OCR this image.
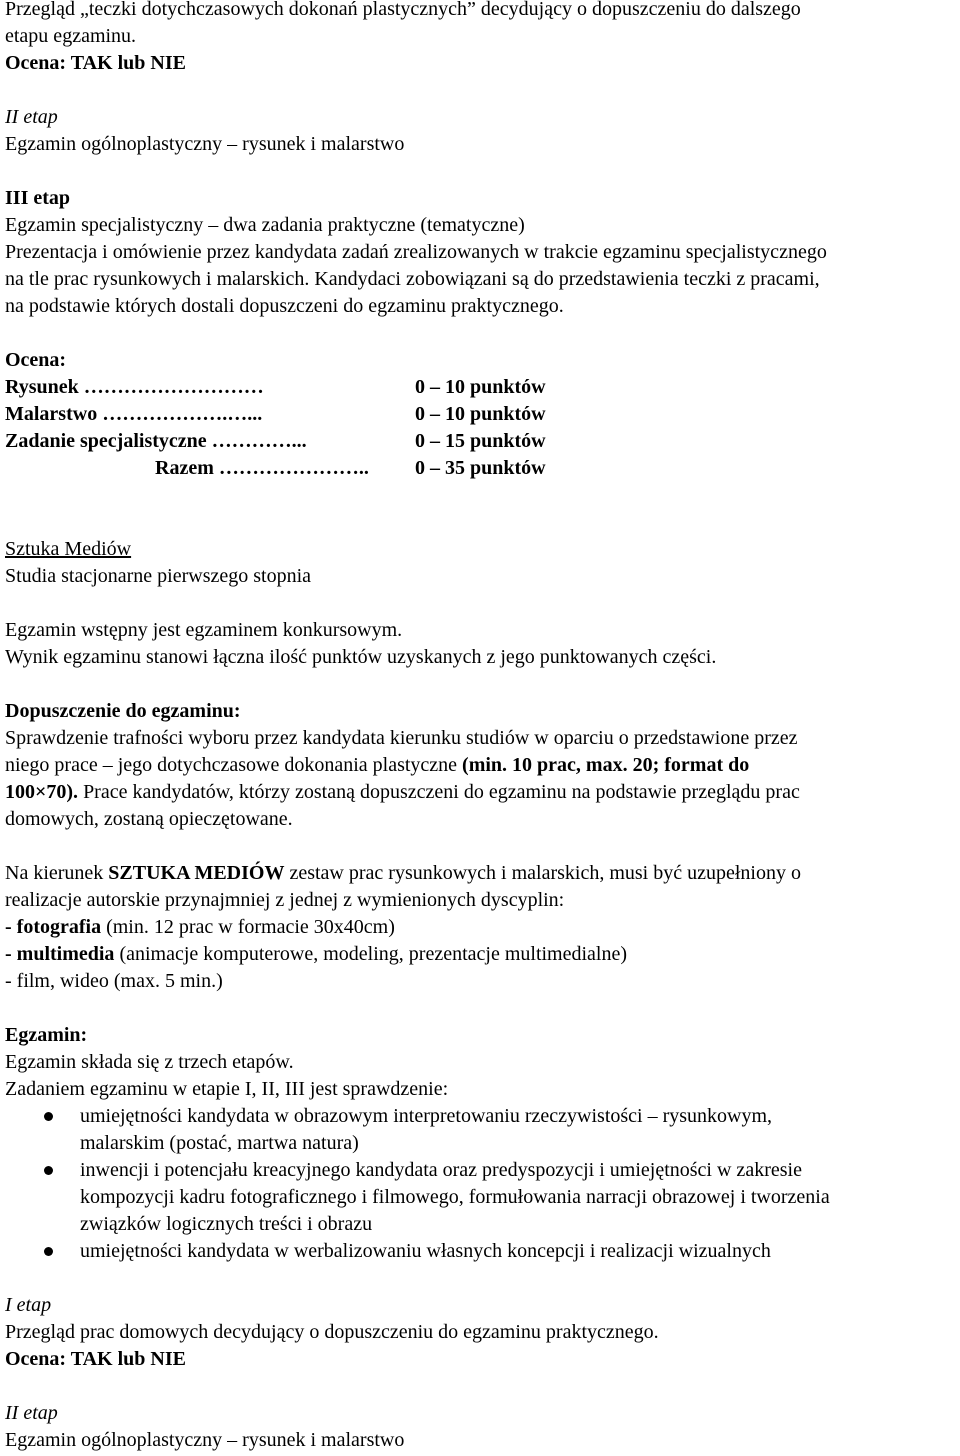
Przegląd „teczki dotychczasowych dokonań plastycznych” decydujący o dopuszczeniu do dalszego

etapu egzaminu.

Ocena: TAK lub NIE

II etap

Egzamin ogólnoplastyczny – rysunek i malarstwo

III etap

Egzamin specjalistyczny – dwa zadania praktyczne (tematyczne)

Prezentacja i omówienie przez kandydata zadań zrealizowanych w trakcie egzaminu specjalistycznego

na tle prac rysunkowych i malarskich. Kandydaci zobowiązani są do przedstawienia teczki z pracami,

na podstawie których dostali dopuszczeni do egzaminu praktycznego.

Ocena:

Rysunek ………………………	0 – 10 punktów
Malarstwo ……………….…...	0 – 10 punktów
Zadanie specjalistyczne …………...	0 – 15 punktów
Razem ………………….. 0 – 35 punktów

Sztuka Mediów

Studia stacjonarne pierwszego stopnia

Egzamin wstępny jest egzaminem konkursowym.

Wynik egzaminu stanowi łączna ilość punktów uzyskanych z jego punktowanych części.

Dopuszczenie do egzaminu:

Sprawdzenie trafności wyboru przez kandydata kierunku studiów w oparciu o przedstawione przez

niego prace – jego dotychczasowe dokonania plastyczne (min. 10 prac, max. 20; format do

100×70). Prace kandydatów, którzy zostaną dopuszczeni do egzaminu na podstawie przeglądu prac

domowych, zostaną opieczętowane.

Na kierunek SZTUKA MEDIÓW zestaw prac rysunkowych i malarskich, musi być uzupełniony o

realizacje autorskie przynajmniej z jednej z wymienionych dyscyplin:

- fotografia (min. 12 prac w formacie 30x40cm)

- multimedia (animacje komputerowe, modeling, prezentacje multimedialne)

- film, wideo (max. 5 min.)

Egzamin:

Egzamin składa się z trzech etapów.

Zadaniem egzaminu w etapie I, II, III jest sprawdzenie:

umiejętności kandydata w obrazowym interpretowaniu rzeczywistości – rysunkowym,

malarskim (postać, martwa natura)

inwencji i potencjału kreacyjnego kandydata oraz predyspozycji i umiejętności w zakresie

kompozycji kadru fotograficznego i filmowego, formułowania narracji obrazowej i tworzenia

związków logicznych treści i obrazu

umiejętności kandydata w werbalizowaniu własnych koncepcji i realizacji wizualnych

I etap

Przegląd prac domowych decydujący o dopuszczeniu do egzaminu praktycznego.

Ocena: TAK lub NIE

II etap

Egzamin ogólnoplastyczny – rysunek i malarstwo
